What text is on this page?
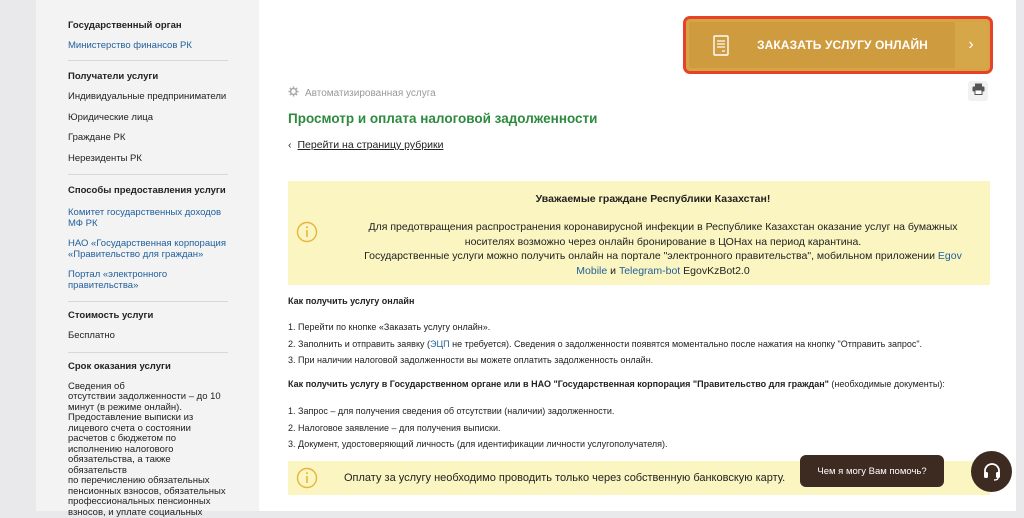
Государственный орган
Министерство финансов РК
Получатели услуги
Индивидуальные предприниматели
Юридические лица
Граждане РК
Нерезиденты РК
Способы предоставления услуги
Комитет государственных доходов
МФ РК
НАО «Государственная корпорация
«Правительство для граждан»
Портал «электронного
правительства»
Стоимость услуги
Бесплатно
Срок оказания услуги
Сведения об
отсутствии задолженности – до 10
минут (в режиме онлайн).
Предоставление выписки из
лицевого счета о состоянии
расчетов с бюджетом по
исполнению налогового
обязательства, а также обязательств
по перечислению обязательных
пенсионных взносов, обязательных
профессиональных пенсионных
взносов, и уплате социальных
ЗАКАЗАТЬ УСЛУГУ ОНЛАЙН	›
Автоматизированная услуга
Просмотр и оплата налоговой задолженности
‹ Перейти на страницу рубрики
Уважаемые граждане Республики Казахстан!
Для предотвращения распространения коронавирусной инфекции в Республике Казахстан оказание услуг на бумажных
носителях возможно через онлайн бронирование в ЦОНах на период карантина.
Государственные услуги можно получить онлайн на портале "электронного правительства", мобильном приложении Egov
Mobile и Telegram-bot EgovKzBot2.0
Как получить услугу онлайн
1. Перейти по кнопке «Заказать услугу онлайн».
2. Заполнить и отправить заявку (ЭЦП не требуется). Сведения о задолженности появятся моментально после нажатия на кнопку "Отправить запрос".
3. При наличии налоговой задолженности вы можете оплатить задолженность онлайн.
Как получить услугу в Государственном органе или в НАО "Государственная корпорация "Правительство для граждан" (необходимые документы):
1. Запрос – для получения сведения об отсутствии (наличии) задолженности.
2. Налоговое заявление – для получения выписки.
3. Документ, удостоверяющий личность (для идентификации личности услугополучателя).
Оплату за услугу необходимо проводить только через собственную банковскую карту.
Чем я могу Вам помочь?
